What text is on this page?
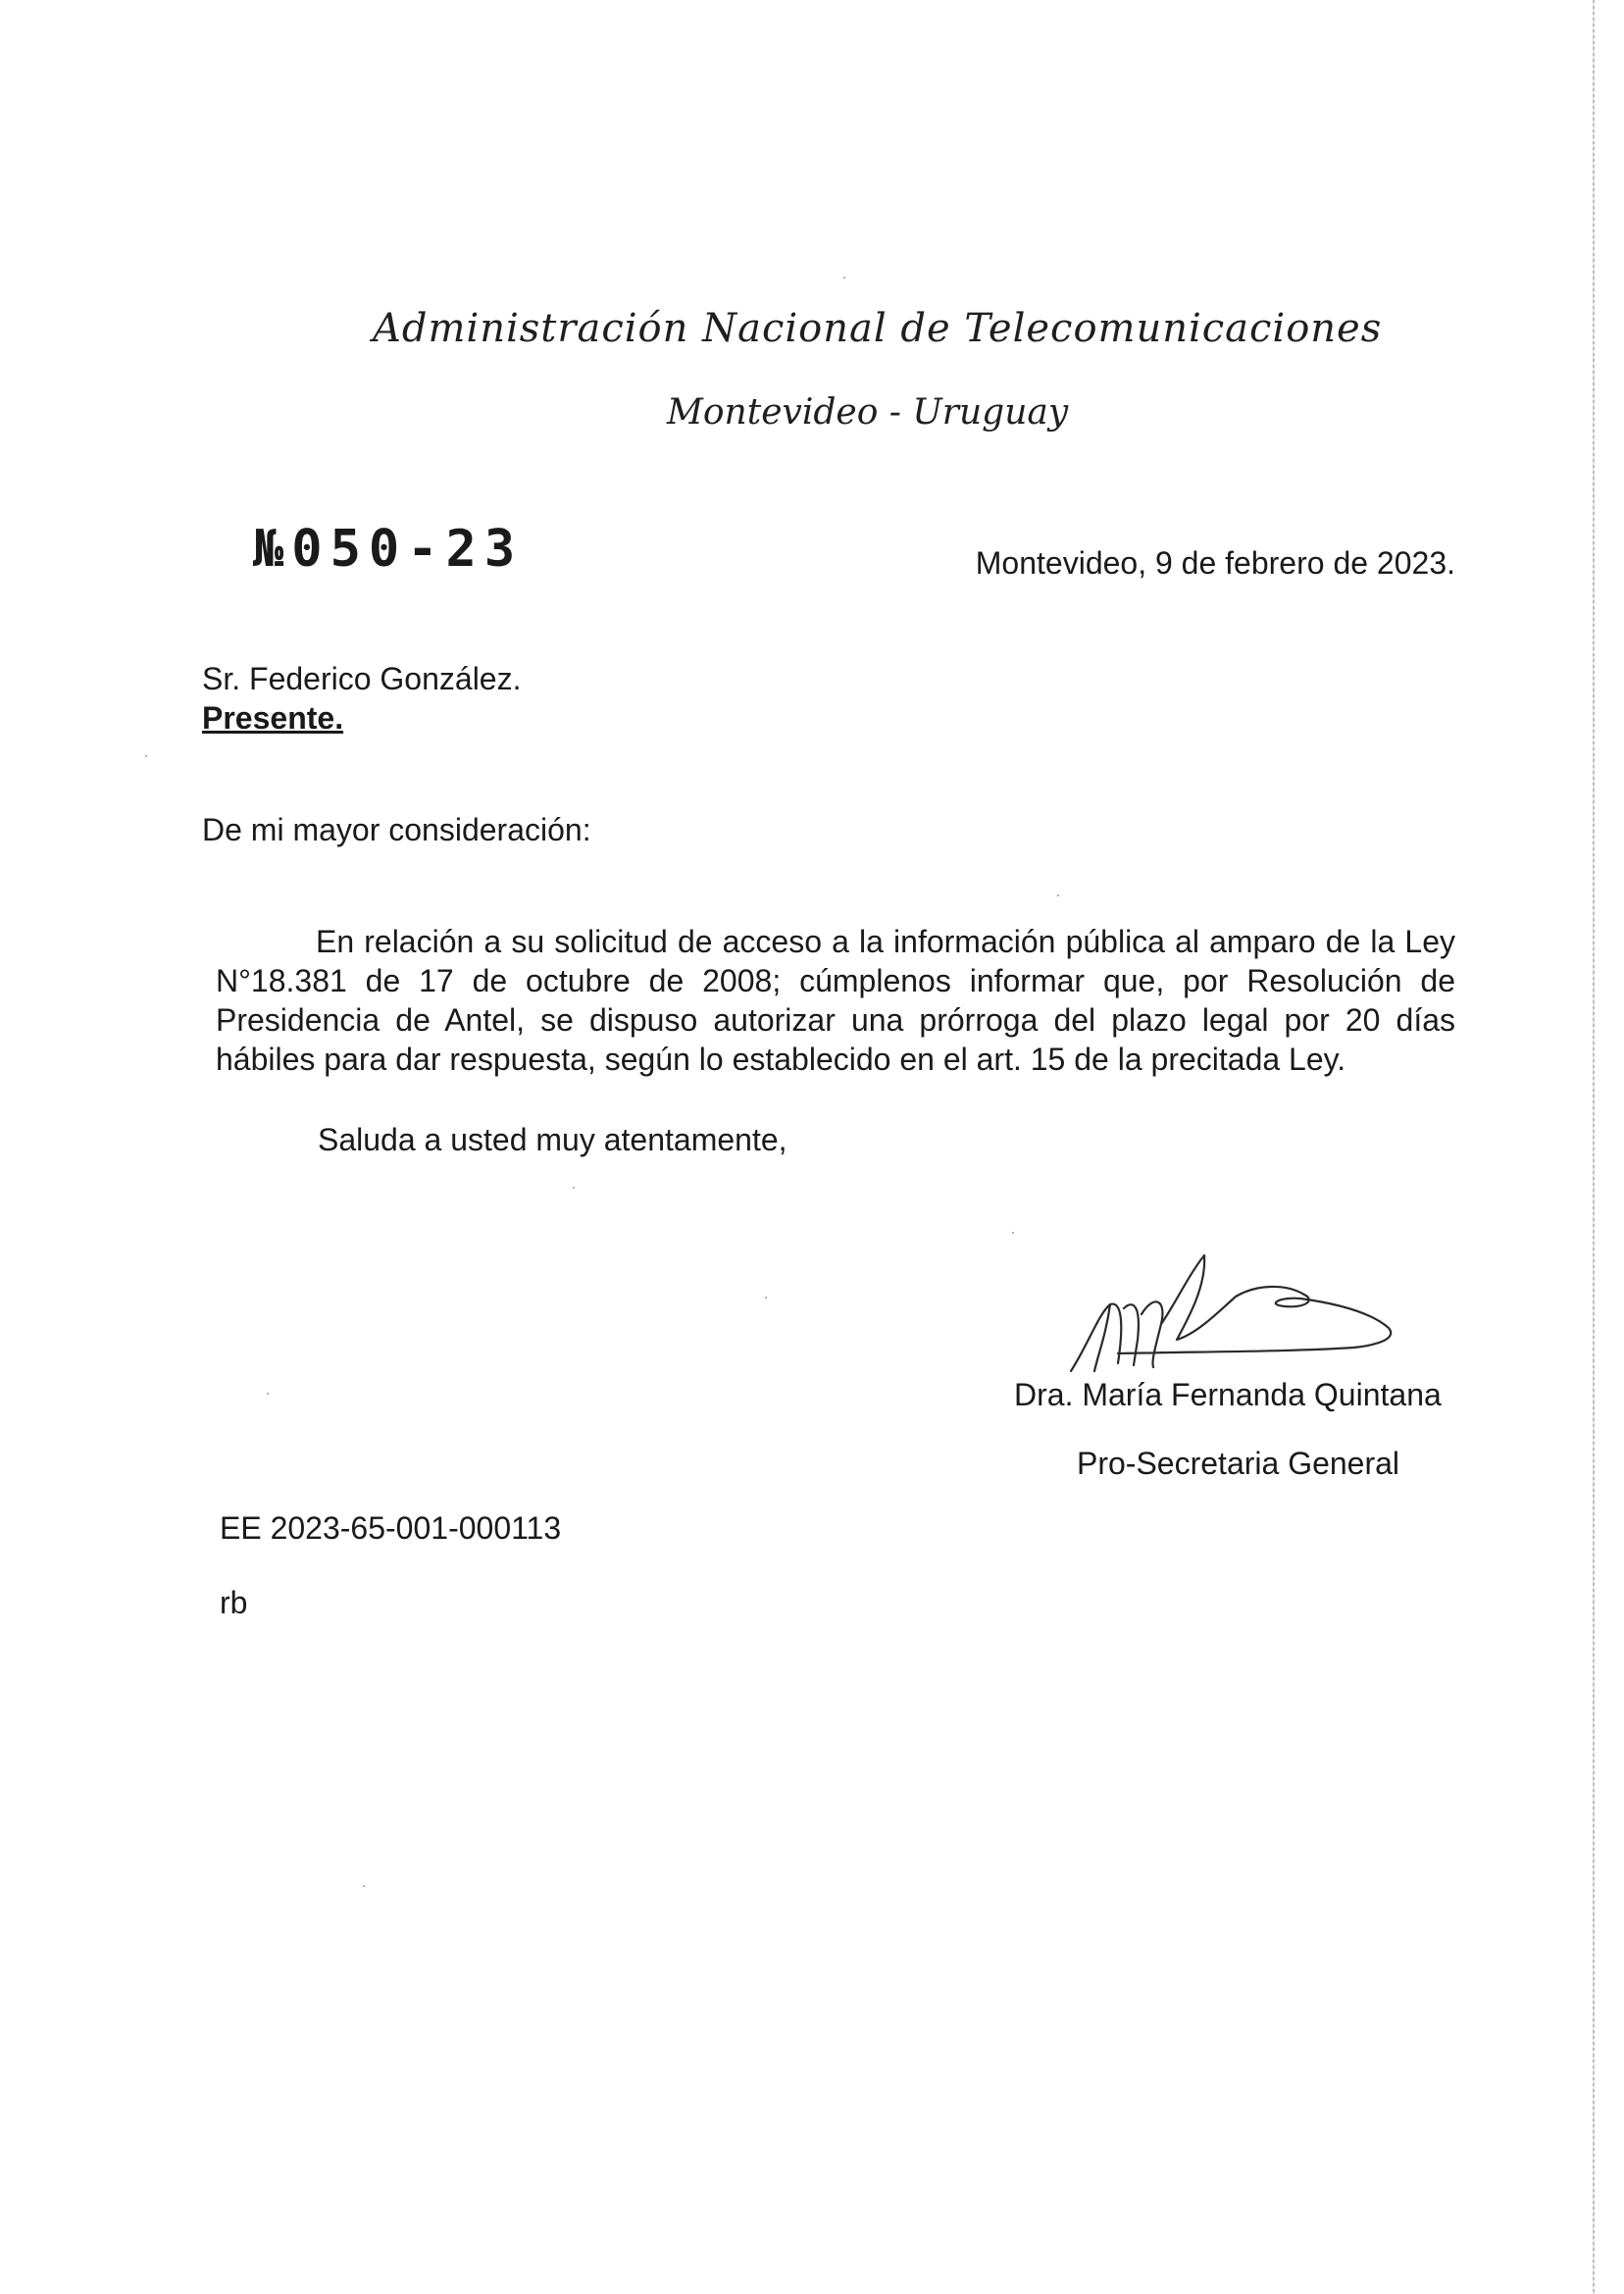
Administración Nacional de Telecomunicaciones
Montevideo - Uruguay
№050-23	Montevideo, 9 de febrero de 2023.
Sr. Federico González.
Presente.
De mi mayor consideración:
En relación a su solicitud de acceso a la información pública al amparo de la Ley N°18.381 de 17 de octubre de 2008; cúmplenos informar que, por Resolución de Presidencia de Antel, se dispuso autorizar una prórroga del plazo legal por 20 días hábiles para dar respuesta, según lo establecido en el art. 15 de la precitada Ley.
Saluda a usted muy atentamente,
Dra. María Fernanda Quintana
Pro-Secretaria General
EE 2023-65-001-000113
rb
